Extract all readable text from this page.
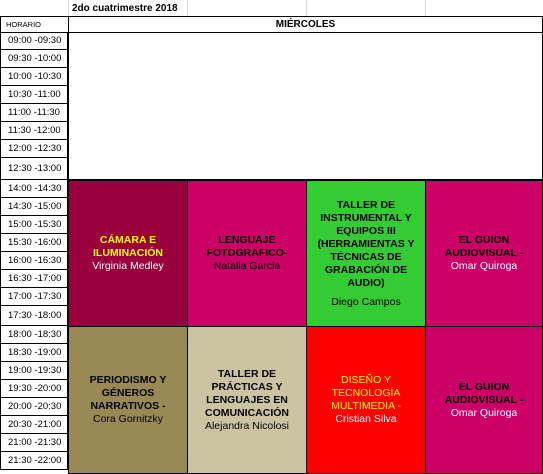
2do cuatrimestre 2018
HORARIO	MIÉRCOLES
09:00 -09:30
09:30 -10:00
10:00 -10:30
10:30 -11:00
11:00 -11:30
11:30 -12:00
12:00 -12:30
12:30 -13:00
14:00 -14:30
14:30 -15:00
15:00 -15:30
15:30 -16:00
16:00 -16:30
16:30 -17:00
17:00 -17:30
17:30 -18:00
18:00 -18:30
18:30 -19:00
19:00 -19:30
19:30 -20:00
20:00 -20:30
20:30 -21:00
21:00 -21:30
21:30 -22:00
CÁMARA E ILUMINACIÓN
Virginia Medley
LENGUAJE FOTOGRAFICO-
Natalia Garcia
TALLER DE INSTRUMENTAL Y EQUIPOS III (HERRAMIENTAS Y TÉCNICAS DE GRABACIÓN DE AUDIO)
Diego Campos
EL GUION AUDIOVISUAL -
Omar Quiroga
PERIODISMO Y GÉNEROS NARRATIVOS -
Cora Gornitzky
TALLER DE PRÁCTICAS Y LENGUAJES EN COMUNICACIÓN
Alejandra Nicolosi
DISEÑO Y TECNOLOGÍA MULTIMEDIA -
Cristian Silva
EL GUION AUDIOVISUAL -
Omar Quiroga
